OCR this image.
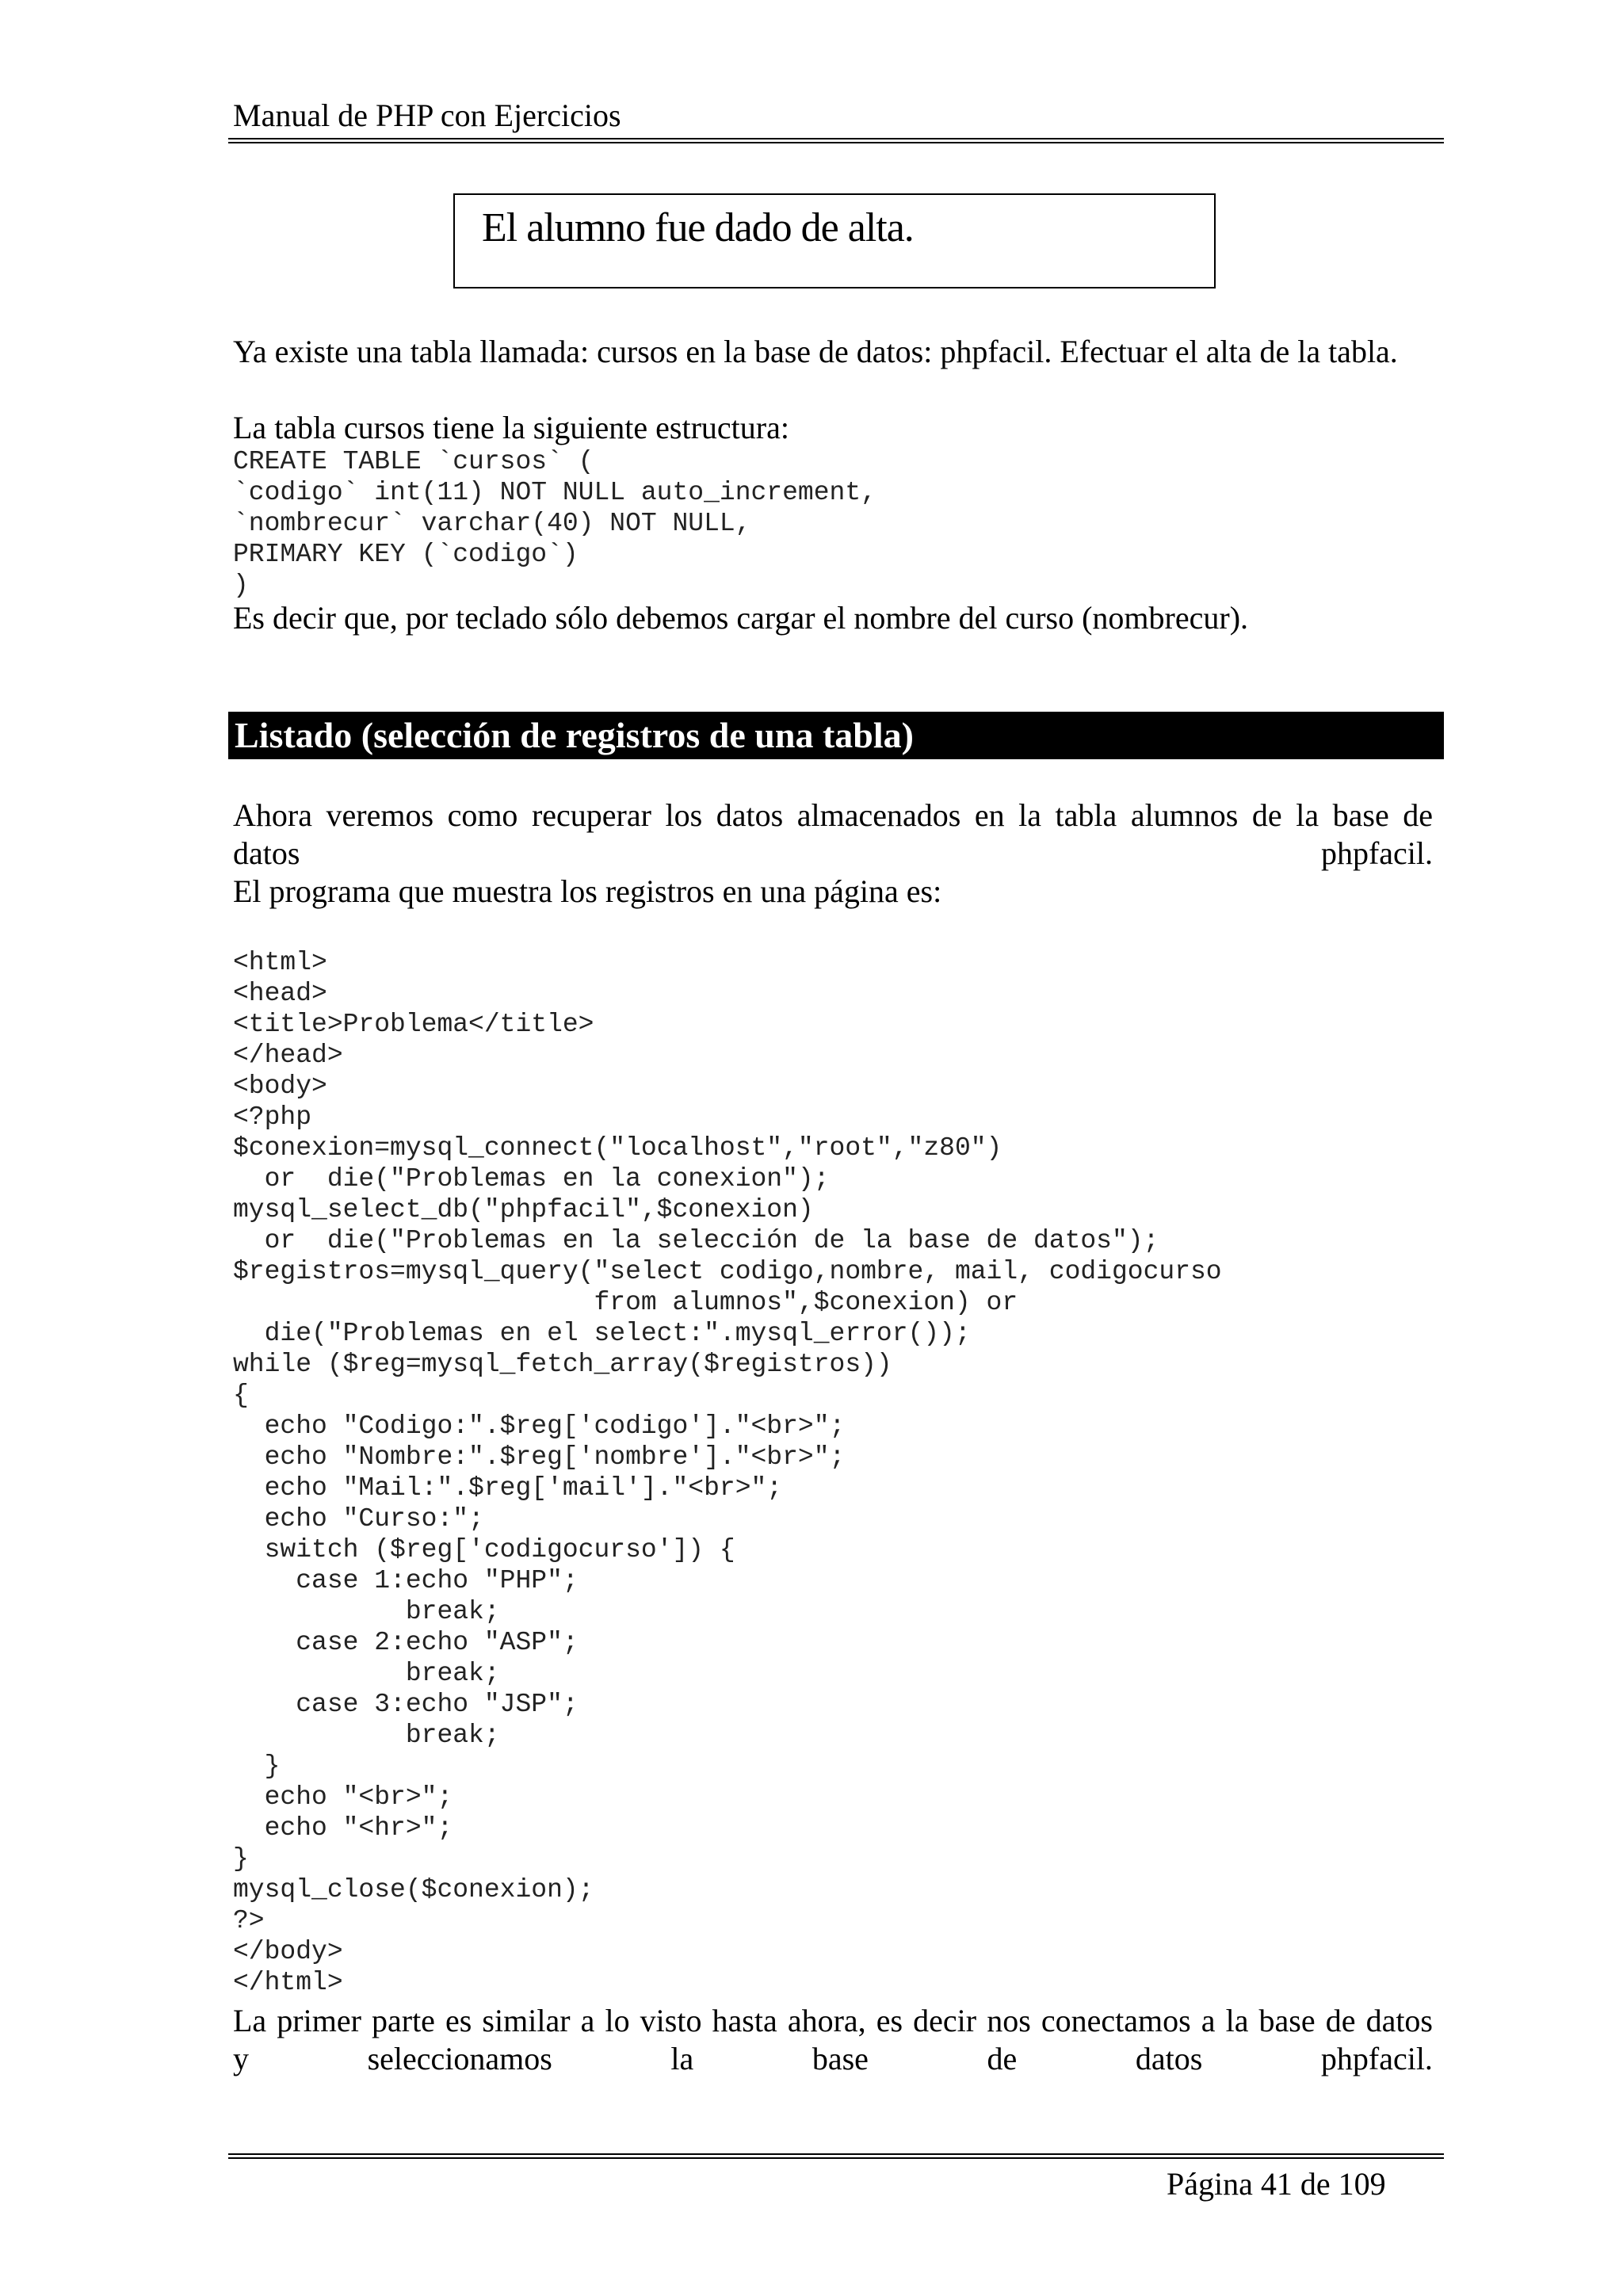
Manual de PHP con Ejercicios
El alumno fue dado de alta.
Ya existe una tabla llamada: cursos en la base de datos: phpfacil. Efectuar el alta de la tabla.
La tabla cursos tiene la siguiente estructura:
CREATE TABLE `cursos` (
`codigo` int(11) NOT NULL auto_increment,
`nombrecur` varchar(40) NOT NULL,
PRIMARY KEY (`codigo`)
)
Es decir que, por teclado sólo debemos cargar el nombre del curso (nombrecur).
Listado (selección de registros de una tabla)
Ahora veremos como recuperar los datos almacenados en la tabla alumnos de la base de
datos	phpfacil.
El programa que muestra los registros en una página es:
<html>
<head>
<title>Problema</title>
</head>
<body>
<?php
$conexion=mysql_connect("localhost","root","z80")
or  die("Problemas en la conexion");
mysql_select_db("phpfacil",$conexion)
or  die("Problemas en la selección de la base de datos");
$registros=mysql_query("select codigo,nombre, mail, codigocurso
from alumnos",$conexion) or
die("Problemas en el select:".mysql_error());
while ($reg=mysql_fetch_array($registros))
{
echo "Codigo:".$reg['codigo']."<br>";
echo "Nombre:".$reg['nombre']."<br>";
echo "Mail:".$reg['mail']."<br>";
echo "Curso:";
switch ($reg['codigocurso']) {
case 1:echo "PHP";
break;
case 2:echo "ASP";
break;
case 3:echo "JSP";
break;
}
echo "<br>";
echo "<hr>";
}
mysql_close($conexion);
?>
</body>
</html>
La primer parte es similar a lo visto hasta ahora, es decir nos conectamos a la base de datos
y	seleccionamos	la	base	de	datos	phpfacil.
Página 41 de 109
